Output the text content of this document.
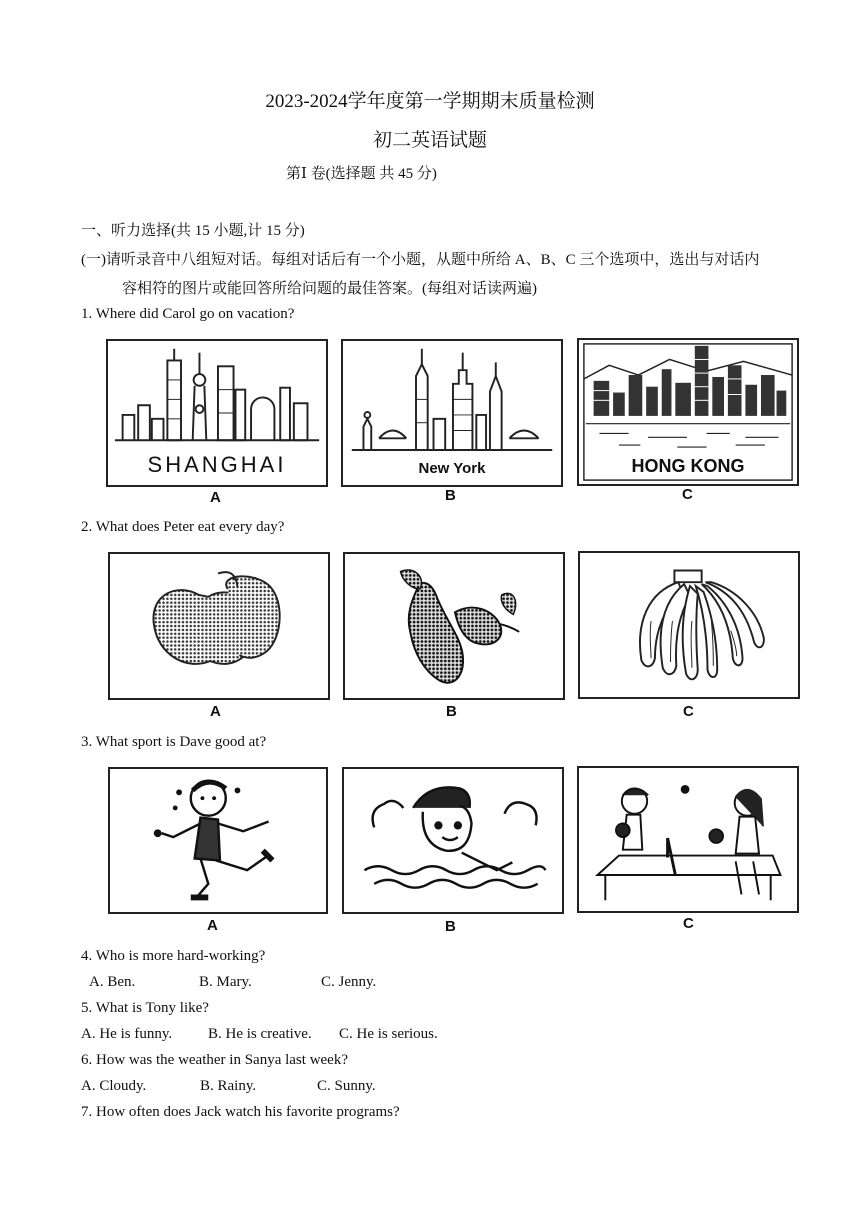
2023-2024学年度第一学期期末质量检测
初二英语试题
第Ⅰ 卷(选择题 共 45 分)
一、听力选择(共 15 小题,计 15 分)
(一)请听录音中八组短对话。每组对话后有一个小题，从题中所给 A、B、C 三个选项中，选出与对话内
容相符的图片或能回答所给问题的最佳答案。(每组对话读两遍)
1. Where did Carol go on vacation?
SHANGHAI
A
New York
B
HONG KONG
C
2. What does Peter eat every day?
A	B	C
3. What sport is Dave good at?
A	B	C
4. Who is more hard-working?
A. Ben.	B. Mary.	C. Jenny.
5. What is Tony like?
A. He is funny. B. He is creative. C. He is serious.
6. How was the weather in Sanya last week?
A. Cloudy.	B. Rainy.	C. Sunny.
7. How often does Jack watch his favorite programs?
